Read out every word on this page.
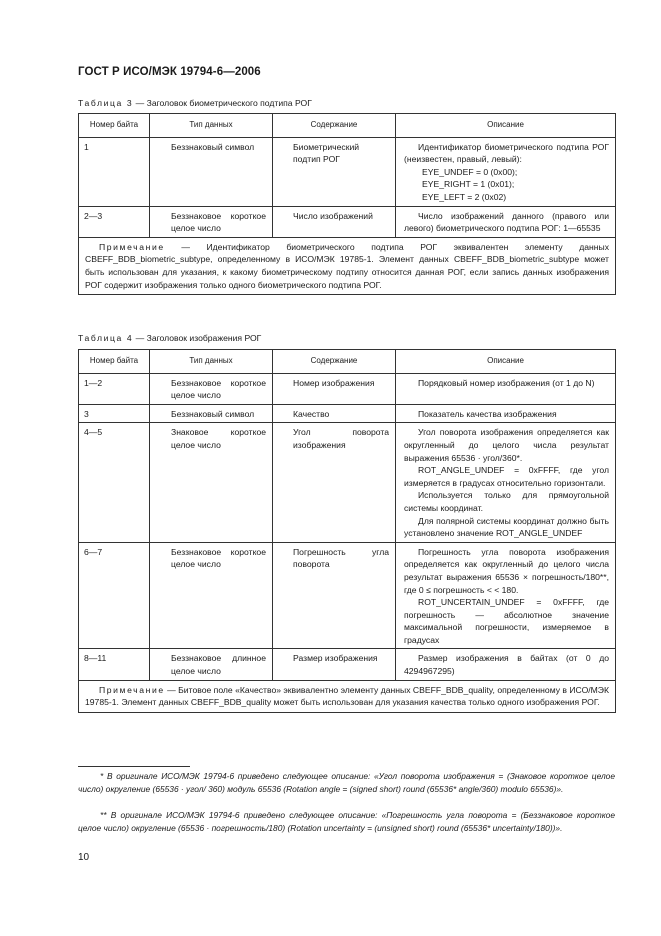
ГОСТ Р ИСО/МЭК 19794-6—2006
Таблица 3 — Заголовок биометрического подтипа РОГ
Номер байта	Тип данных	Содержание	Описание
1	Беззнаковый символ	Биометрический подтип РОГ	Идентификатор биометрического подтипа РОГ (неизвестен, правый, левый):
EYE_UNDEF = 0 (0x00);
EYE_RIGHT = 1 (0x01);
EYE_LEFT = 2 (0x02)

2—3	Беззнаковое короткое целое число	Число изображений	Число изображений данного (правого или левого) биометрического подтипа РОГ: 1—65535

Примечание — Идентификатор биометрического подтипа РОГ эквивалентен элементу данных CBEFF_BDB_biometric_subtype, определенному в ИСО/МЭК 19785-1. Элемент данных CBEFF_BDB_biometric_subtype может быть использован для указания, к какому биометрическому подтипу относится данная РОГ, если запись данных изображения РОГ содержит изображения только одного биометрического подтипа РОГ.			
Таблица 4 — Заголовок изображения РОГ
Номер байта	Тип данных	Содержание	Описание
1—2	Беззнаковое короткое целое число	Номер изображения	Порядковый номер изображения (от 1 до N)

3	Беззнаковый символ	Качество	Показатель качества изображения

4—5	Знаковое короткое целое число	Угол поворота изображения	Угол поворота изображения определяется как округленный до целого числа результат выражения 65536 · угол/360*.
ROT_ANGLE_UNDEF = 0xFFFF, где угол измеряется в градусах относительно горизонтали.
Используется только для прямоугольной системы координат.
Для полярной системы координат должно быть установлено значение ROT_ANGLE_UNDEF

6—7	Беззнаковое короткое целое число	Погрешность угла поворота	Погрешность угла поворота изображения определяется как округленный до целого числа результат выражения 65536 × погрешность/180**, где 0 ≤ погрешность < < 180.
ROT_UNCERTAIN_UNDEF = 0xFFFF, где погрешность — абсолютное значение максимальной погрешности, измеряемое в градусах

8—11	Беззнаковое длинное целое число	Размер изображения	Размер изображения в байтах (от 0 до 4294967295)

Примечание — Битовое поле «Качество» эквивалентно элементу данных CBEFF_BDB_quality, определенному в ИСО/МЭК 19785-1. Элемент данных CBEFF_BDB_quality может быть использован для указания качества только одного изображения РОГ.			
* В оригинале ИСО/МЭК 19794-6 приведено следующее описание: «Угол поворота изображения = (Знаковое короткое целое число) округление (65536 · угол/ 360) модуль 65536 (Rotation angle = (signed short) round (65536* angle/360) modulo 65536)».
** В оригинале ИСО/МЭК 19794-6 приведено следующее описание: «Погрешность угла поворота = (Беззнаковое короткое целое число) округление (65536 · погрешность/180) (Rotation uncertainty = (unsigned short) round (65536* uncertainty/180))».
10
